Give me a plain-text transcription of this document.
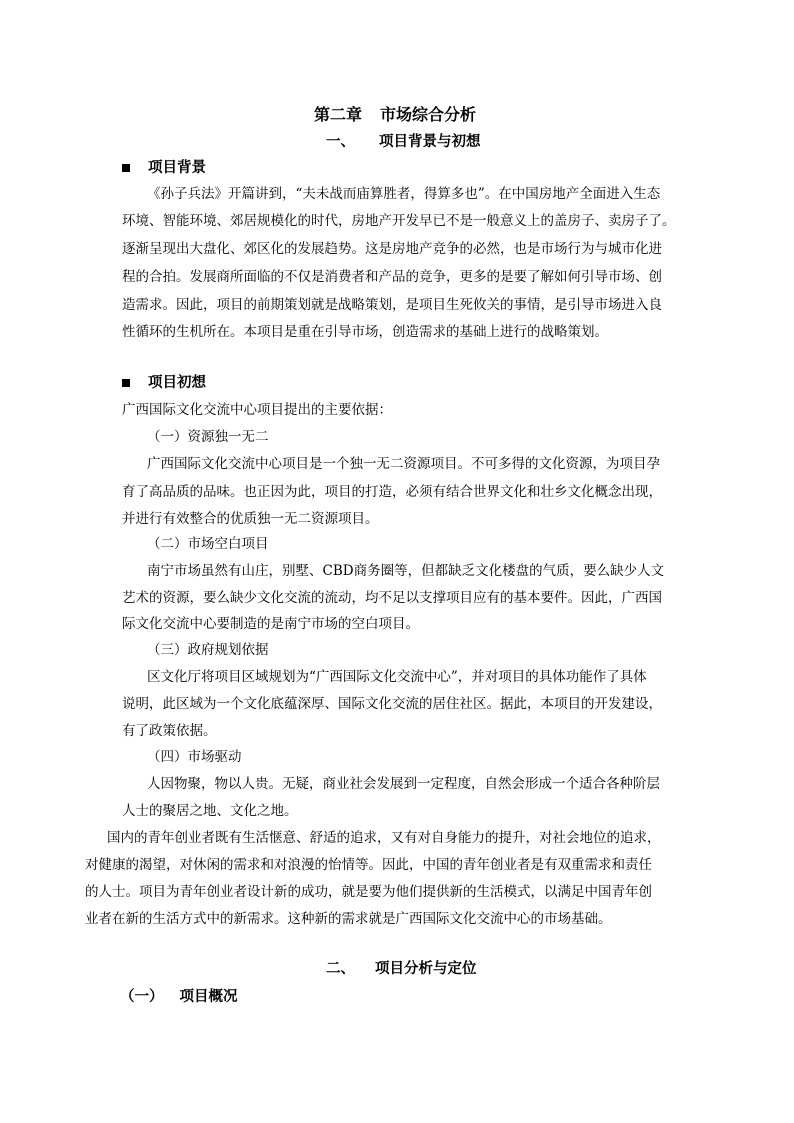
第二章 市场综合分析
一、 项目背景与初想
项目背景
《孙子兵法》开篇讲到，“夫未战而庙算胜者，得算多也”。在中国房地产全面进入生态
环境、智能环境、郊居规模化的时代，房地产开发早已不是一般意义上的盖房子、卖房子了。
逐渐呈现出大盘化、郊区化的发展趋势。这是房地产竞争的必然，也是市场行为与城市化进
程的合拍。发展商所面临的不仅是消费者和产品的竞争，更多的是要了解如何引导市场、创
造需求。因此，项目的前期策划就是战略策划，是项目生死攸关的事情，是引导市场进入良
性循环的生机所在。本项目是重在引导市场，创造需求的基础上进行的战略策划。
项目初想
广西国际文化交流中心项目提出的主要依据：
（一）资源独一无二
广西国际文化交流中心项目是一个独一无二资源项目。不可多得的文化资源，为项目孕
育了高品质的品味。也正因为此，项目的打造，必须有结合世界文化和壮乡文化概念出现，
并进行有效整合的优质独一无二资源项目。
（二）市场空白项目
南宁市场虽然有山庄，别墅、CBD商务圈等，但都缺乏文化楼盘的气质，要么缺少人文
艺术的资源，要么缺少文化交流的流动，均不足以支撑项目应有的基本要件。因此，广西国
际文化交流中心要制造的是南宁市场的空白项目。
（三）政府规划依据
区文化厅将项目区域规划为“广西国际文化交流中心”，并对项目的具体功能作了具体
说明，此区域为一个文化底蕴深厚、国际文化交流的居住社区。据此，本项目的开发建设，
有了政策依据。
（四）市场驱动
人因物聚，物以人贵。无疑，商业社会发展到一定程度，自然会形成一个适合各种阶层
人士的聚居之地、文化之地。
国内的青年创业者既有生活惬意、舒适的追求，又有对自身能力的提升，对社会地位的追求，
对健康的渴望，对休闲的需求和对浪漫的怡情等。因此，中国的青年创业者是有双重需求和责任
的人士。项目为青年创业者设计新的成功，就是要为他们提供新的生活模式，以满足中国青年创
业者在新的生活方式中的新需求。这种新的需求就是广西国际文化交流中心的市场基础。
二、 项目分析与定位
（一） 项目概况
